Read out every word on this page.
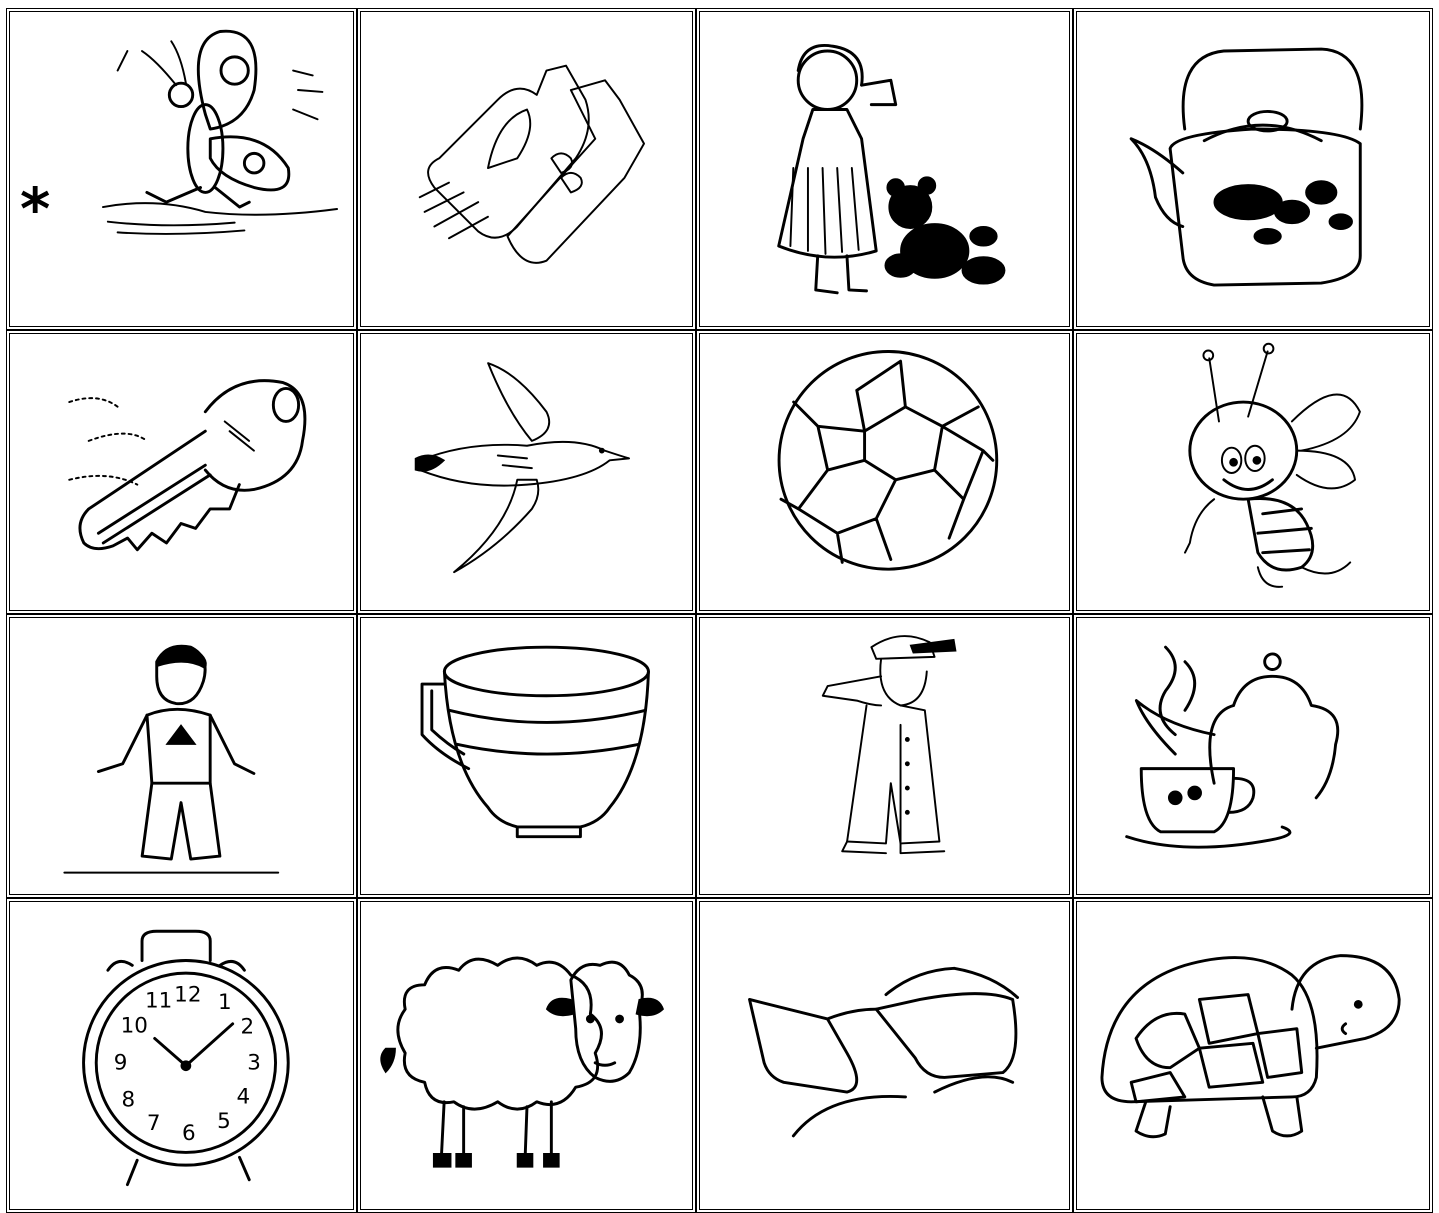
*
12 1
2
3
4
5
6
7
8
9
10
11
